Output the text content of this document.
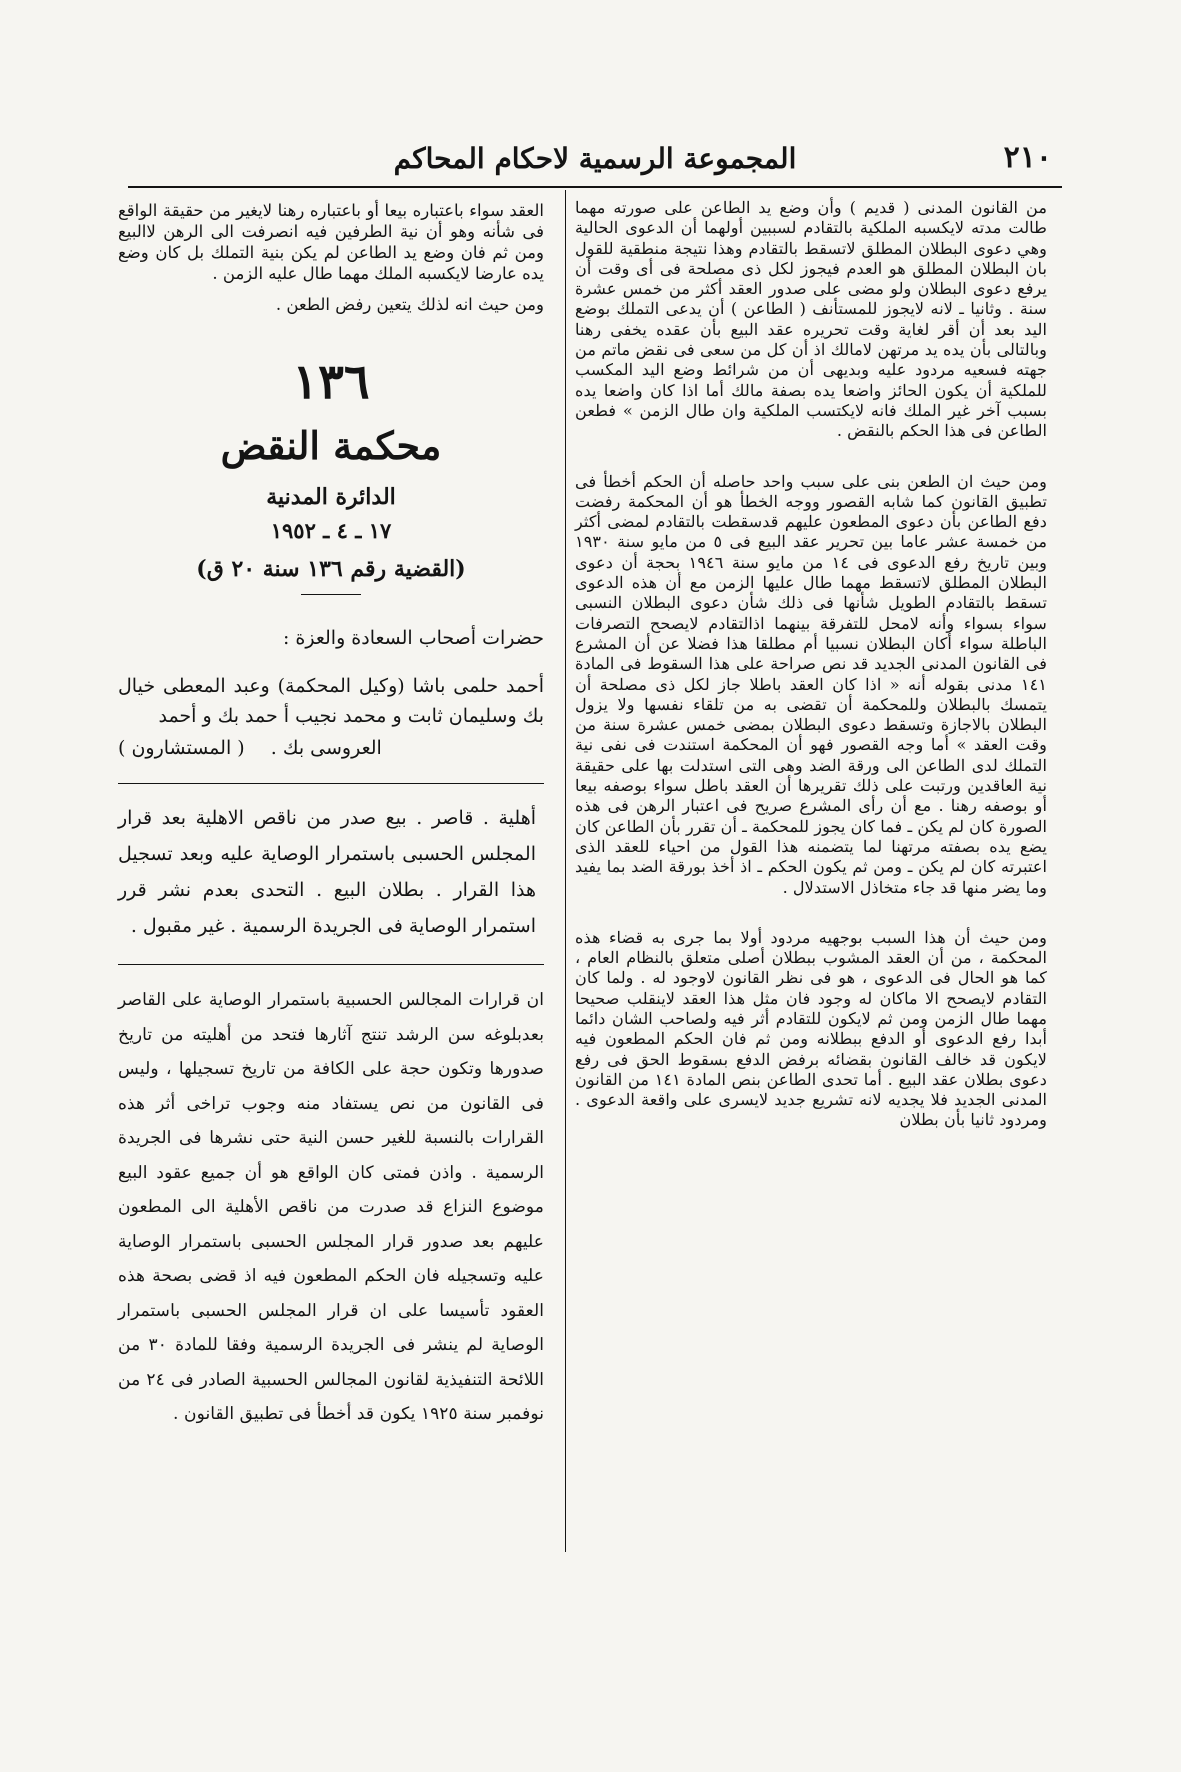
المجموعة الرسمية لاحكام المحاكم	٢١٠

من القانون المدنى ( قديم ) وأن وضع يد الطاعن على صورته مهما طالت مدته لايكسبه الملكية بالتقادم لسببين أولهما أن الدعوى الحالية وهي دعوى البطلان المطلق لاتسقط بالتقادم وهذا نتيجة منطقية للقول بان البطلان المطلق هو العدم فيجوز لكل ذى مصلحة فى أى وقت أن يرفع دعوى البطلان ولو مضى على صدور العقد أكثر من خمس عشرة سنة . وثانيا ـ لانه لايجوز للمستأنف ( الطاعن ) أن يدعى التملك بوضع اليد بعد أن أقر لغاية وقت تحريره عقد البيع بأن عقده يخفى رهنا وبالتالى بأن يده يد مرتهن لامالك اذ أن كل من سعى فى نقض ماتم من جهته فسعيه مردود عليه وبديهى أن من شرائط وضع اليد المكسب للملكية أن يكون الحائز واضعا يده بصفة مالك أما اذا كان واضعا يده بسبب آخر غير الملك فانه لايكتسب الملكية وان طال الزمن » فطعن الطاعن فى هذا الحكم بالنقض .

ومن حيث ان الطعن بنى على سبب واحد حاصله أن الحكم أخطأ فى تطبيق القانون كما شابه القصور ووجه الخطأ هو أن المحكمة رفضت دفع الطاعن بأن دعوى المطعون عليهم قدسقطت بالتقادم لمضى أكثر من خمسة عشر عاما بين تحرير عقد البيع فى ٥ من مايو سنة ١٩٣٠ وبين تاريخ رفع الدعوى فى ١٤ من مايو سنة ١٩٤٦ بحجة أن دعوى البطلان المطلق لاتسقط مهما طال عليها الزمن مع أن هذه الدعوى تسقط بالتقادم الطويل شأنها فى ذلك شأن دعوى البطلان النسبى سواء بسواء وأنه لامحل للتفرقة بينهما اذالتقادم لايصحح التصرفات الباطلة سواء أكان البطلان نسبيا أم مطلقا هذا فضلا عن أن المشرع فى القانون المدنى الجديد قد نص صراحة على هذا السقوط فى المادة ١٤١ مدنى بقوله أنه « اذا كان العقد باطلا جاز لكل ذى مصلحة أن يتمسك بالبطلان وللمحكمة أن تقضى به من تلقاء نفسها ولا يزول البطلان بالاجازة وتسقط دعوى البطلان بمضى خمس عشرة سنة من وقت العقد » أما وجه القصور فهو أن المحكمة استندت فى نفى نية التملك لدى الطاعن الى ورقة الضد وهى التى استدلت بها على حقيقة نية العاقدين ورتبت على ذلك تقريرها أن العقد باطل سواء بوصفه بيعا أو بوصفه رهنا . مع أن رأى المشرع صريح فى اعتبار الرهن فى هذه الصورة كان لم يكن ـ فما كان يجوز للمحكمة ـ أن تقرر بأن الطاعن كان يضع يده بصفته مرتهنا لما يتضمنه هذا القول من احياء للعقد الذى اعتبرته كان لم يكن ـ ومن ثم يكون الحكم ـ اذ أخذ بورقة الضد بما يفيد وما يضر منها قد جاء متخاذل الاستدلال .

ومن حيث أن هذا السبب بوجهيه مردود أولا بما جرى به قضاء هذه المحكمة ، من أن العقد المشوب ببطلان أصلى متعلق بالنظام العام ، كما هو الحال فى الدعوى ، هو فى نظر القانون لاوجود له . ولما كان التقادم لايصحح الا ماكان له وجود فان مثل هذا العقد لاينقلب صحيحا مهما طال الزمن ومن ثم لايكون للتقادم أثر فيه ولصاحب الشان دائما أبدا رفع الدعوى أو الدفع ببطلانه ومن ثم فان الحكم المطعون فيه لايكون قد خالف القانون بقضائه برفض الدفع بسقوط الحق فى رفع دعوى بطلان عقد البيع . أما تحدى الطاعن بنص المادة ١٤١ من القانون المدنى الجديد فلا يجديه لانه تشريع جديد لايسرى على واقعة الدعوى . ومردود ثانيا بأن بطلان

العقد سواء باعتباره بيعا أو باعتباره رهنا لايغير من حقيقة الواقع فى شأنه وهو أن نية الطرفين فيه انصرفت الى الرهن لاالبيع ومن ثم فان وضع يد الطاعن لم يكن بنية التملك بل كان وضع يده عارضا لايكسبه الملك مهما طال عليه الزمن .

ومن حيث انه لذلك يتعين رفض الطعن .

١٣٦
محكمة النقض
الدائرة المدنية
١٧ ـ ٤ ـ ١٩٥٢
(القضية رقم ١٣٦ سنة ٢٠ ق)
حضرات أصحاب السعادة والعزة :
أحمد حلمى باشا (وكيل المحكمة) وعبد المعطى خيال بك وسليمان ثابت و محمد نجيب أ حمد بك و أحمد
العروسى بك . ( المستشارون )
أهلية . قاصر . بيع صدر من ناقص الاهلية بعد قرار المجلس الحسبى باستمرار الوصاية عليه وبعد تسجيل هذا القرار . بطلان البيع . التحدى بعدم نشر قرر استمرار الوصاية فى الجريدة الرسمية . غير مقبول .
ان قرارات المجالس الحسبية باستمرار الوصاية على القاصر بعدبلوغه سن الرشد تنتج آثارها فتحد من أهليته من تاريخ صدورها وتكون حجة على الكافة من تاريخ تسجيلها ، وليس فى القانون من نص يستفاد منه وجوب تراخى أثر هذه القرارات بالنسبة للغير حسن النية حتى نشرها فى الجريدة الرسمية . واذن فمتى كان الواقع هو أن جميع عقود البيع موضوع النزاع قد صدرت من ناقص الأهلية الى المطعون عليهم بعد صدور قرار المجلس الحسبى باستمرار الوصاية عليه وتسجيله فان الحكم المطعون فيه اذ قضى بصحة هذه العقود تأسيسا على ان قرار المجلس الحسبى باستمرار الوصاية لم ينشر فى الجريدة الرسمية وفقا للمادة ٣٠ من اللائحة التنفيذية لقانون المجالس الحسبية الصادر فى ٢٤ من نوفمبر سنة ١٩٢٥ يكون قد أخطأ فى تطبيق القانون .
